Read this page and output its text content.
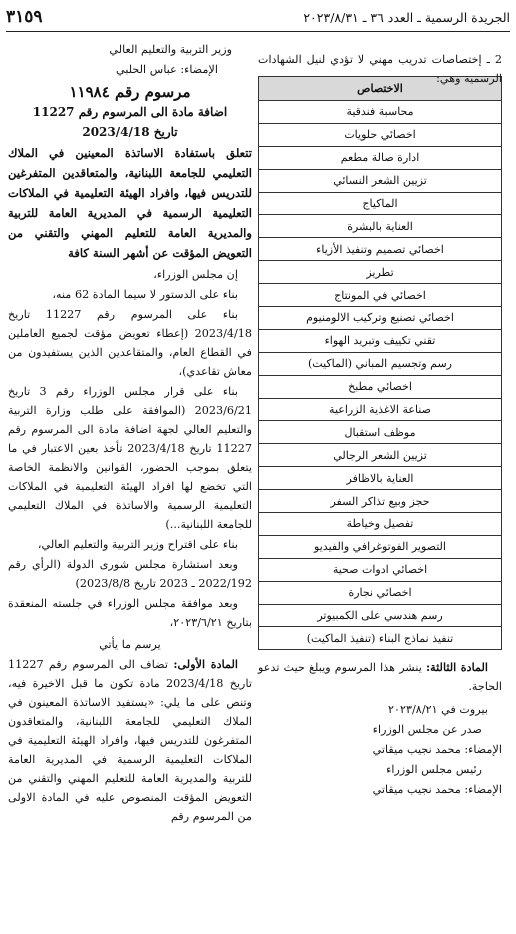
الجريدة الرسمية ـ العدد ٣٦ ـ ٢٠٢٣/٨/٣١
٣١٥٩

2 ـ إختصاصات تدريب مهني لا تؤدي لنيل الشهادات الرسمية وهي:

الاختصاص
محاسبة فندقية
اخصائي حلويات
ادارة صالة مطعم
تزيين الشعر النسائي
الماكياج
العناية بالبشرة
اخصائي تصميم وتنفيذ الأزياء
تطريز
اخصائي في المونتاج
اخصائي تصنيع وتركيب الالومنيوم
تقني تكييف وتبريد الهواء
رسم وتجسيم المباني (الماكيت)
اخصائي مطبخ
صناعة الاغذية الزراعية
موظف استقبال
تزيين الشعر الرجالي
العناية بالاظافر
حجز وبيع تذاكر السفر
تفصيل وخياطة
التصوير الفوتوغرافي والفيديو
اخصائي ادوات صحية
اخصائي نجارة
رسم هندسي على الكمبيوتر
تنفيذ نماذج البناء (تنفيذ الماكيت)

المادة الثالثة: ينشر هذا المرسوم ويبلغ حيث تدعو الحاجة.

بيروت في ٢٠٢٣/٨/٢١

صدر عن مجلس الوزراء

الإمضاء: محمد نجيب ميقاتي

رئيس مجلس الوزراء

الإمضاء: محمد نجيب ميقاتي

وزير التربية والتعليم العالي

الإمضاء: عباس الحلبي

مرسوم رقم ١١٩٨٤

اضافة مادة الى المرسوم رقم 11227

تاريخ 2023/4/18

تتعلق باستفادة الاساتذة المعينين في الملاك التعليمي للجامعة اللبنانية، والمتعاقدين المتفرغين للتدريس فيها، وافراد الهيئة التعليمية في الملاكات التعليمية الرسمية في المديرية العامة للتربية والمديرية العامة للتعليم المهني والتقني من التعويض المؤقت عن أشهر السنة كافة

إن مجلس الوزراء،

بناء على الدستور لا سيما المادة 62 منه،

بناء على المرسوم رقم 11227 تاريخ 2023/4/18 (إعطاء تعويض مؤقت لجميع العاملين في القطاع العام، والمتقاعدين الذين يستفيدون من معاش تقاعدي)،

بناء على قرار مجلس الوزراء رقم 3 تاريخ 2023/6/21 (الموافقة على طلب وزارة التربية والتعليم العالي لجهة اضافة مادة الى المرسوم رقم 11227 تاريخ 2023/4/18 تأخذ بعين الاعتبار في ما يتعلق بموجب الحضور، القوانين والانظمة الخاصة التي تخضع لها افراد الهيئة التعليمية في الملاكات التعليمية الرسمية والاساتذة في الملاك التعليمي للجامعة اللبنانية...)

بناء على اقتراح وزير التربية والتعليم العالي،

وبعد استشارة مجلس شورى الدولة (الرأي رقم 2022/192 ـ 2023 تاريخ 2023/8/8)

وبعد موافقة مجلس الوزراء في جلسته المنعقدة بتاريخ ٢٠٢٣/٦/٢١،

يرسم ما يأتي

المادة الأولى: تضاف الى المرسوم رقم 11227 تاريخ 2023/4/18 مادة تكون ما قبل الاخيرة فيه، وتنص على ما يلي: «يستفيد الاساتذة المعينون في الملاك التعليمي للجامعة اللبنانية، والمتعاقدون المتفرغون للتدريس فيها، وافراد الهيئة التعليمية في الملاكات التعليمية الرسمية في المديرية العامة للتربية والمديرية العامة للتعليم المهني والتقني من التعويض المؤقت المنصوص عليه في المادة الاولى من المرسوم رقم
